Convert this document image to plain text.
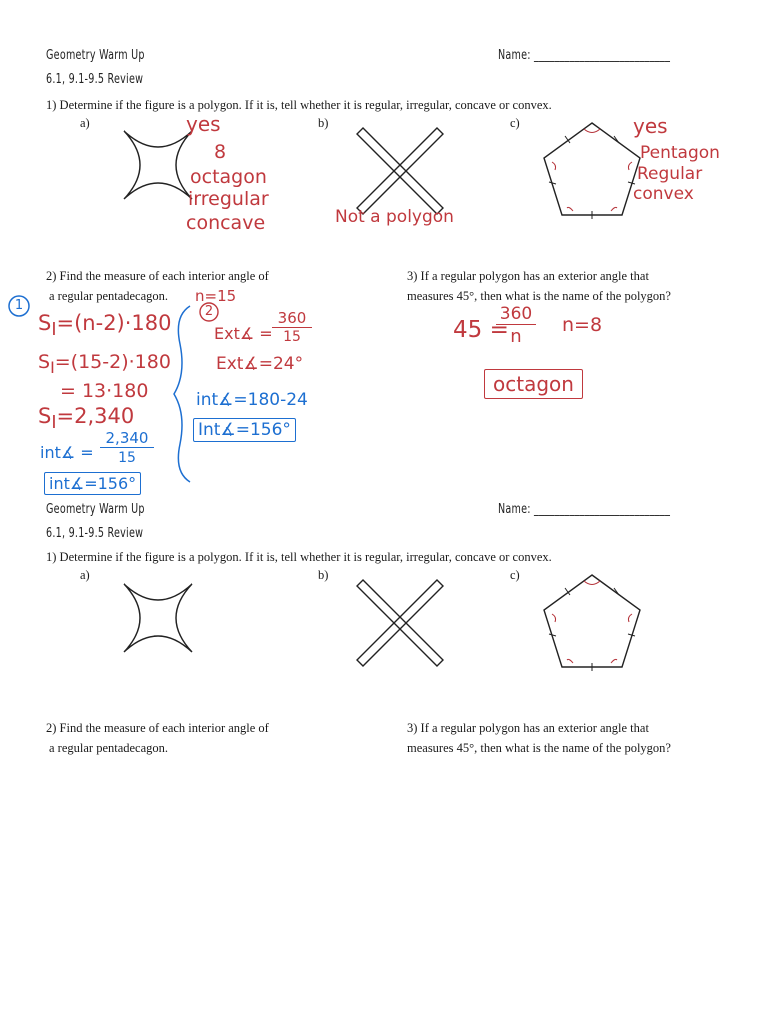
Geometry Warm Up
6.1, 9.1-9.5 Review
Name: ___________________________
1) Determine if the figure is a polygon. If it is, tell whether it is regular, irregular, concave or convex.
a)	b)	c)
2) Find the measure of each interior angle of
a regular pentadecagon.
3) If a regular polygon has an exterior angle that
measures 45°, then what is the name of the polygon?
yes
8
octagon
irregular
concave	Not a polygon
yes
Pentagon
Regular
convex
n=15
1
$S_I=(n-2)\cdot 180$
$S_I=(15-2)\cdot 180$
= 13·180
$S_I=2,340$
int∡ =
2,340
15
int∡=156°
2
Ext∡ =
360
15
Ext∡=24°
int∡=180-24
Int∡=156°
45 =
360
n
n=8
octagon
Geometry Warm Up
6.1, 9.1-9.5 Review
Name: ___________________________
1) Determine if the figure is a polygon. If it is, tell whether it is regular, irregular, concave or convex.
a)	b)	c)
2) Find the measure of each interior angle of
a regular pentadecagon.
3) If a regular polygon has an exterior angle that
measures 45°, then what is the name of the polygon?
